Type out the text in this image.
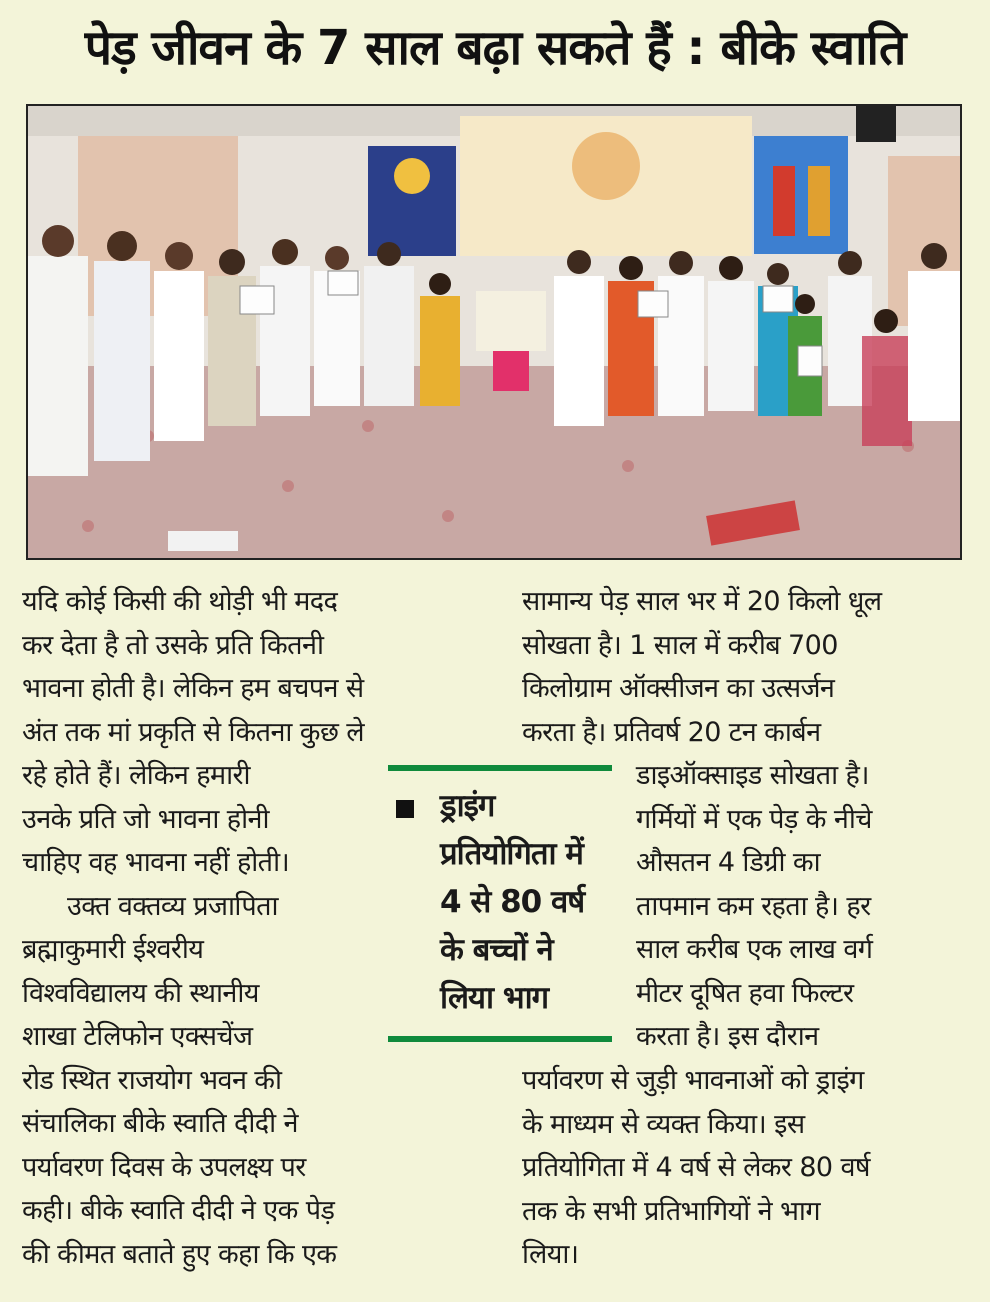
पेड़ जीवन के 7 साल बढ़ा सकते हैं : बीके स्वाति
यदि कोई किसी की थोड़ी भी मदद
कर देता है तो उसके प्रति कितनी
भावना होती है। लेकिन हम बचपन से
अंत तक मां प्रकृति से कितना कुछ ले
रहे होते हैं। लेकिन हमारी
उनके प्रति जो भावना होनी
चाहिए वह भावना नहीं होती।
उक्त वक्तव्य प्रजापिता
ब्रह्माकुमारी ईश्वरीय
विश्वविद्यालय की स्थानीय
शाखा टेलिफोन एक्सचेंज
रोड स्थित राजयोग भवन की
संचालिका बीके स्वाति दीदी ने
पर्यावरण दिवस के उपलक्ष्य पर
कही। बीके स्वाति दीदी ने एक पेड़
की कीमत बताते हुए कहा कि एक
सामान्य पेड़ साल भर में 20 किलो धूल
सोखता है। 1 साल में करीब 700
किलोग्राम ऑक्सीजन का उत्सर्जन
करता है। प्रतिवर्ष 20 टन कार्बन
डाइऑक्साइड सोखता है।
गर्मियों में एक पेड़ के नीचे
औसतन 4 डिग्री का
तापमान कम रहता है। हर
साल करीब एक लाख वर्ग
मीटर दूषित हवा फिल्टर
करता है। इस दौरान
पर्यावरण से जुड़ी भावनाओं को ड्राइंग
के माध्यम से व्यक्त किया। इस
प्रतियोगिता में 4 वर्ष से लेकर 80 वर्ष
तक के सभी प्रतिभागियों ने भाग
लिया।
ड्राइंग
प्रतियोगिता में
4 से 80 वर्ष
के बच्चों ने
लिया भाग
